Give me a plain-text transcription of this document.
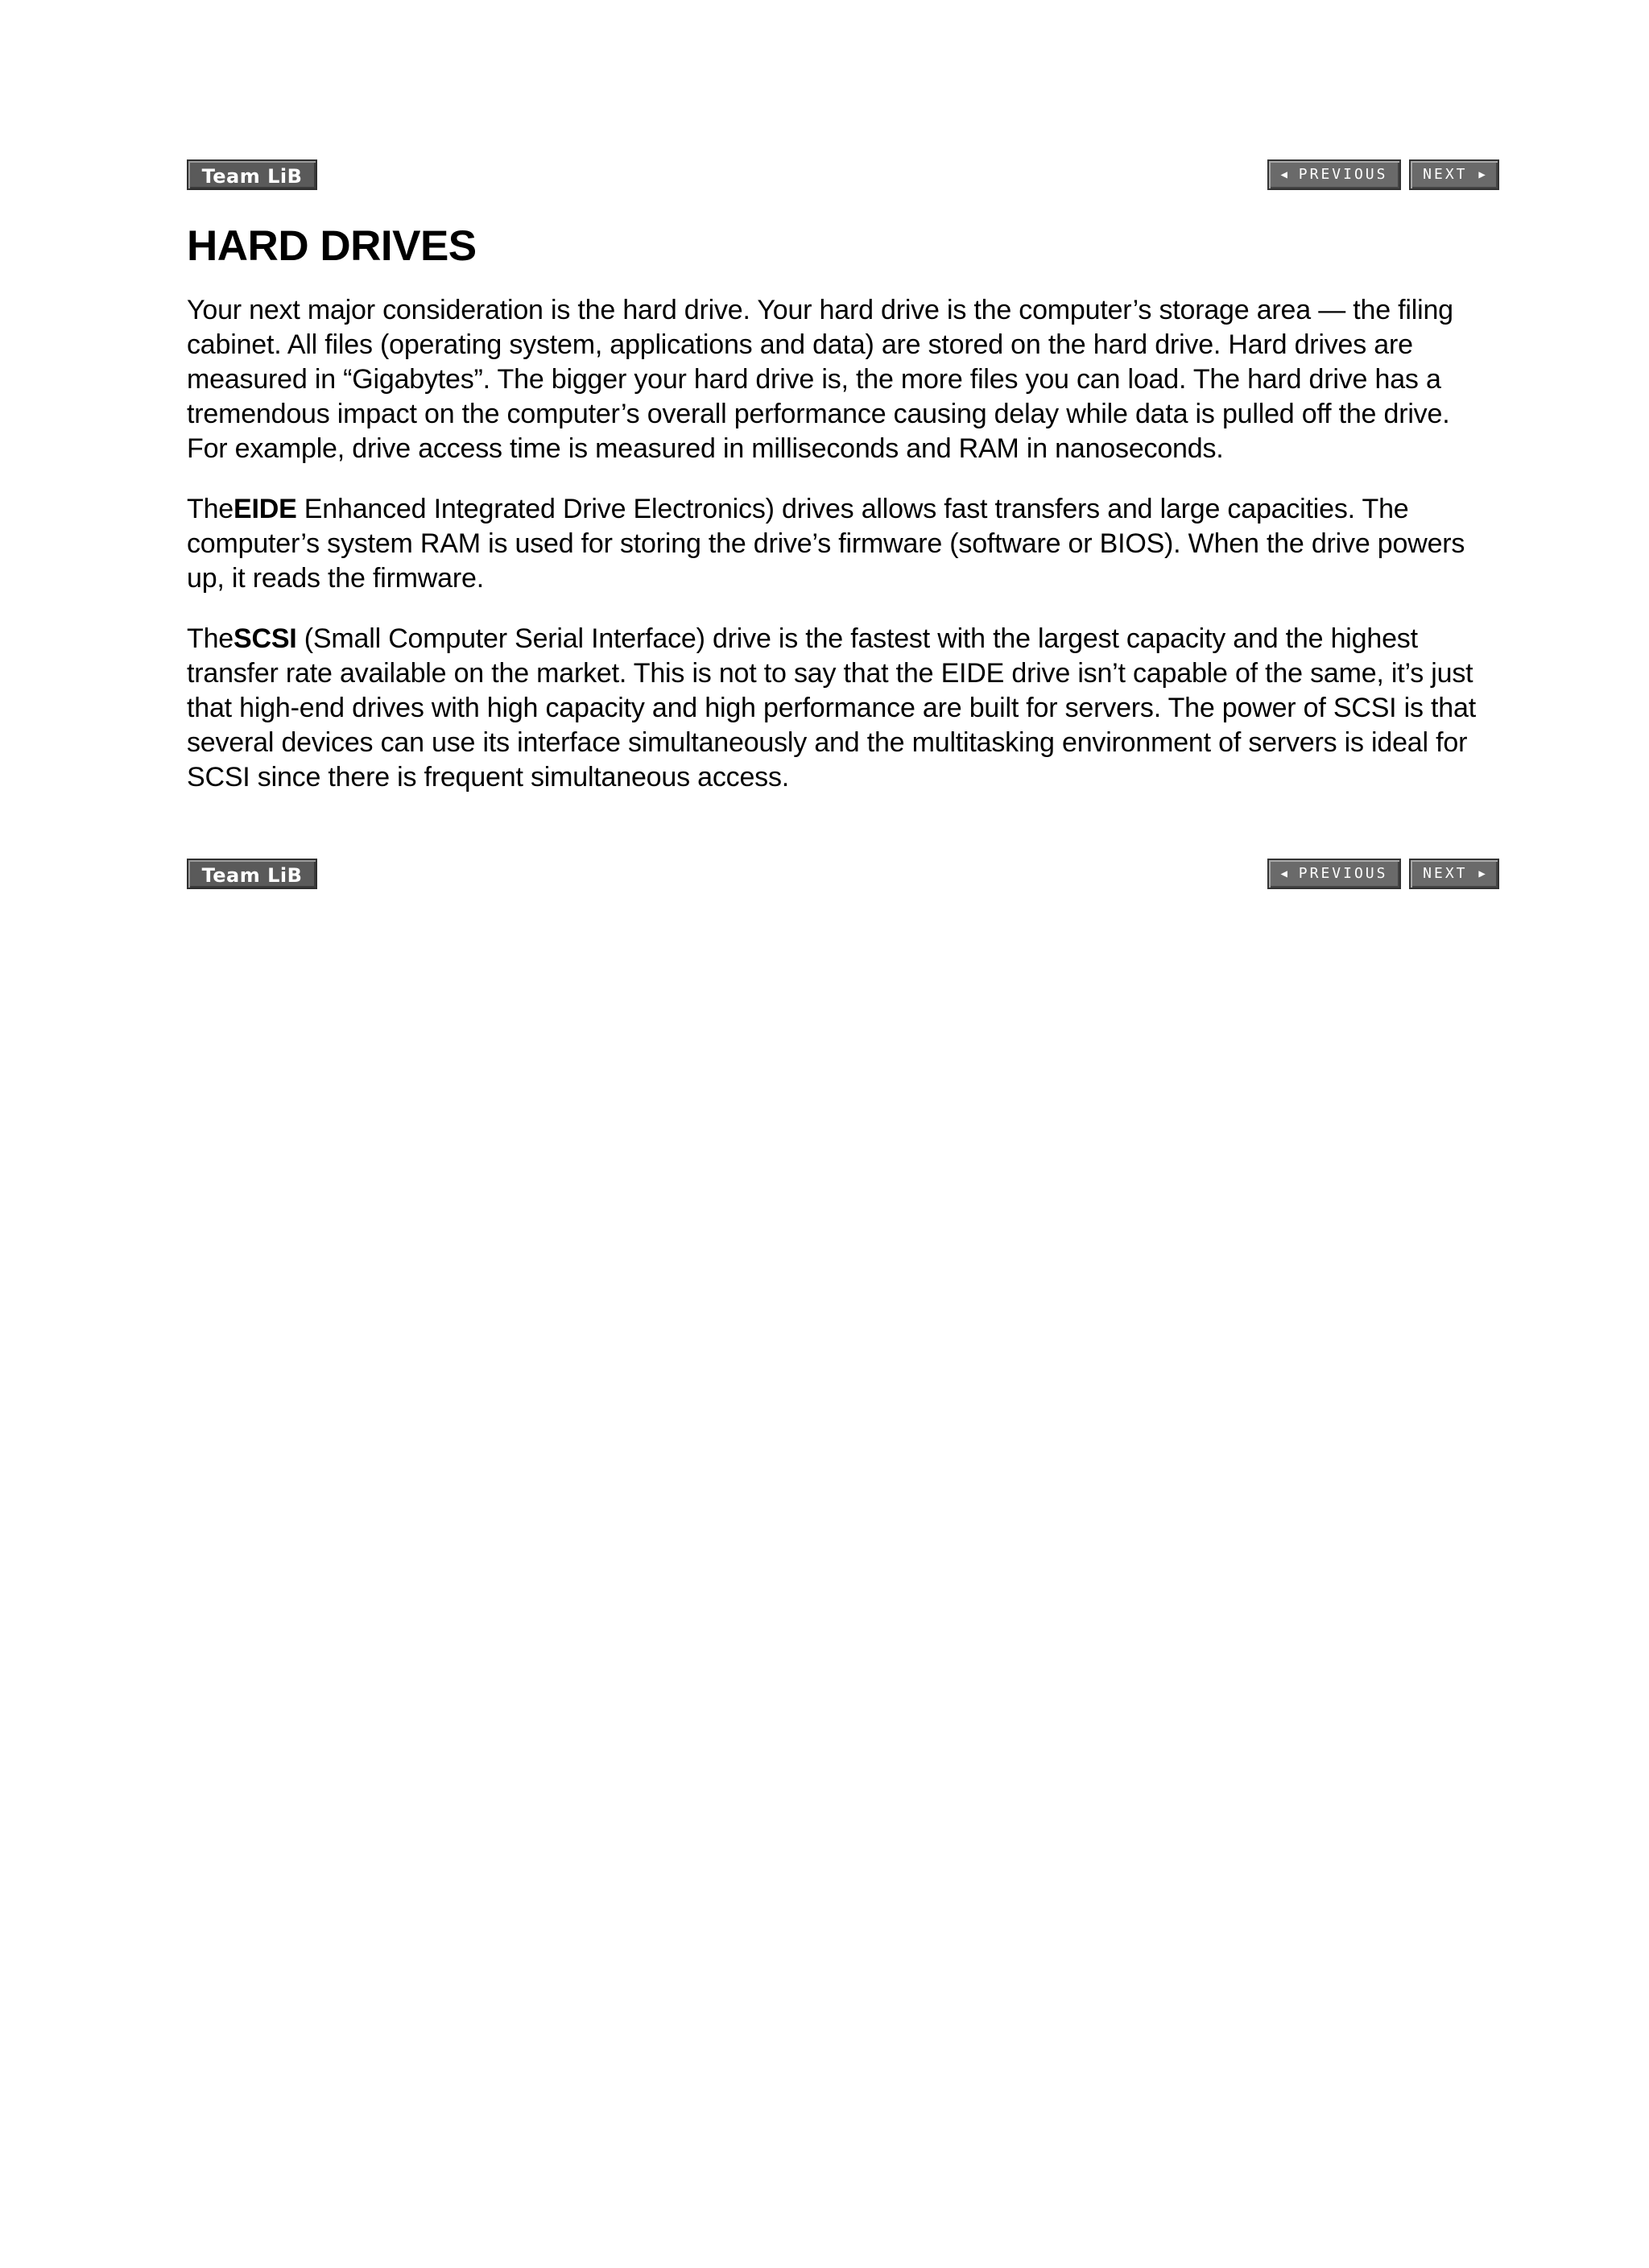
Team LiB	◀ PREVIOUS	NEXT ▶
HARD DRIVES

Your next major consideration is the hard drive. Your hard drive is the computer’s storage area — the filing cabinet. All files (operating system, applications and data) are stored on the hard drive. Hard drives are measured in “Gigabytes”. The bigger your hard drive is, the more files you can load. The hard drive has a tremendous impact on the computer’s overall performance causing delay while data is pulled off the drive. For example, drive access time is measured in milliseconds and RAM in nanoseconds.

TheEIDE Enhanced Integrated Drive Electronics) drives allows fast transfers and large capacities. The computer’s system RAM is used for storing the drive’s firmware (software or BIOS). When the drive powers up, it reads the firmware.

TheSCSI (Small Computer Serial Interface) drive is the fastest with the largest capacity and the highest transfer rate available on the market. This is not to say that the EIDE drive isn’t capable of the same, it’s just that high-end drives with high capacity and high performance are built for servers. The power of SCSI is that several devices can use its interface simultaneously and the multitasking environment of servers is ideal for SCSI since there is frequent simultaneous access.

Team LiB	◀ PREVIOUS	NEXT ▶
